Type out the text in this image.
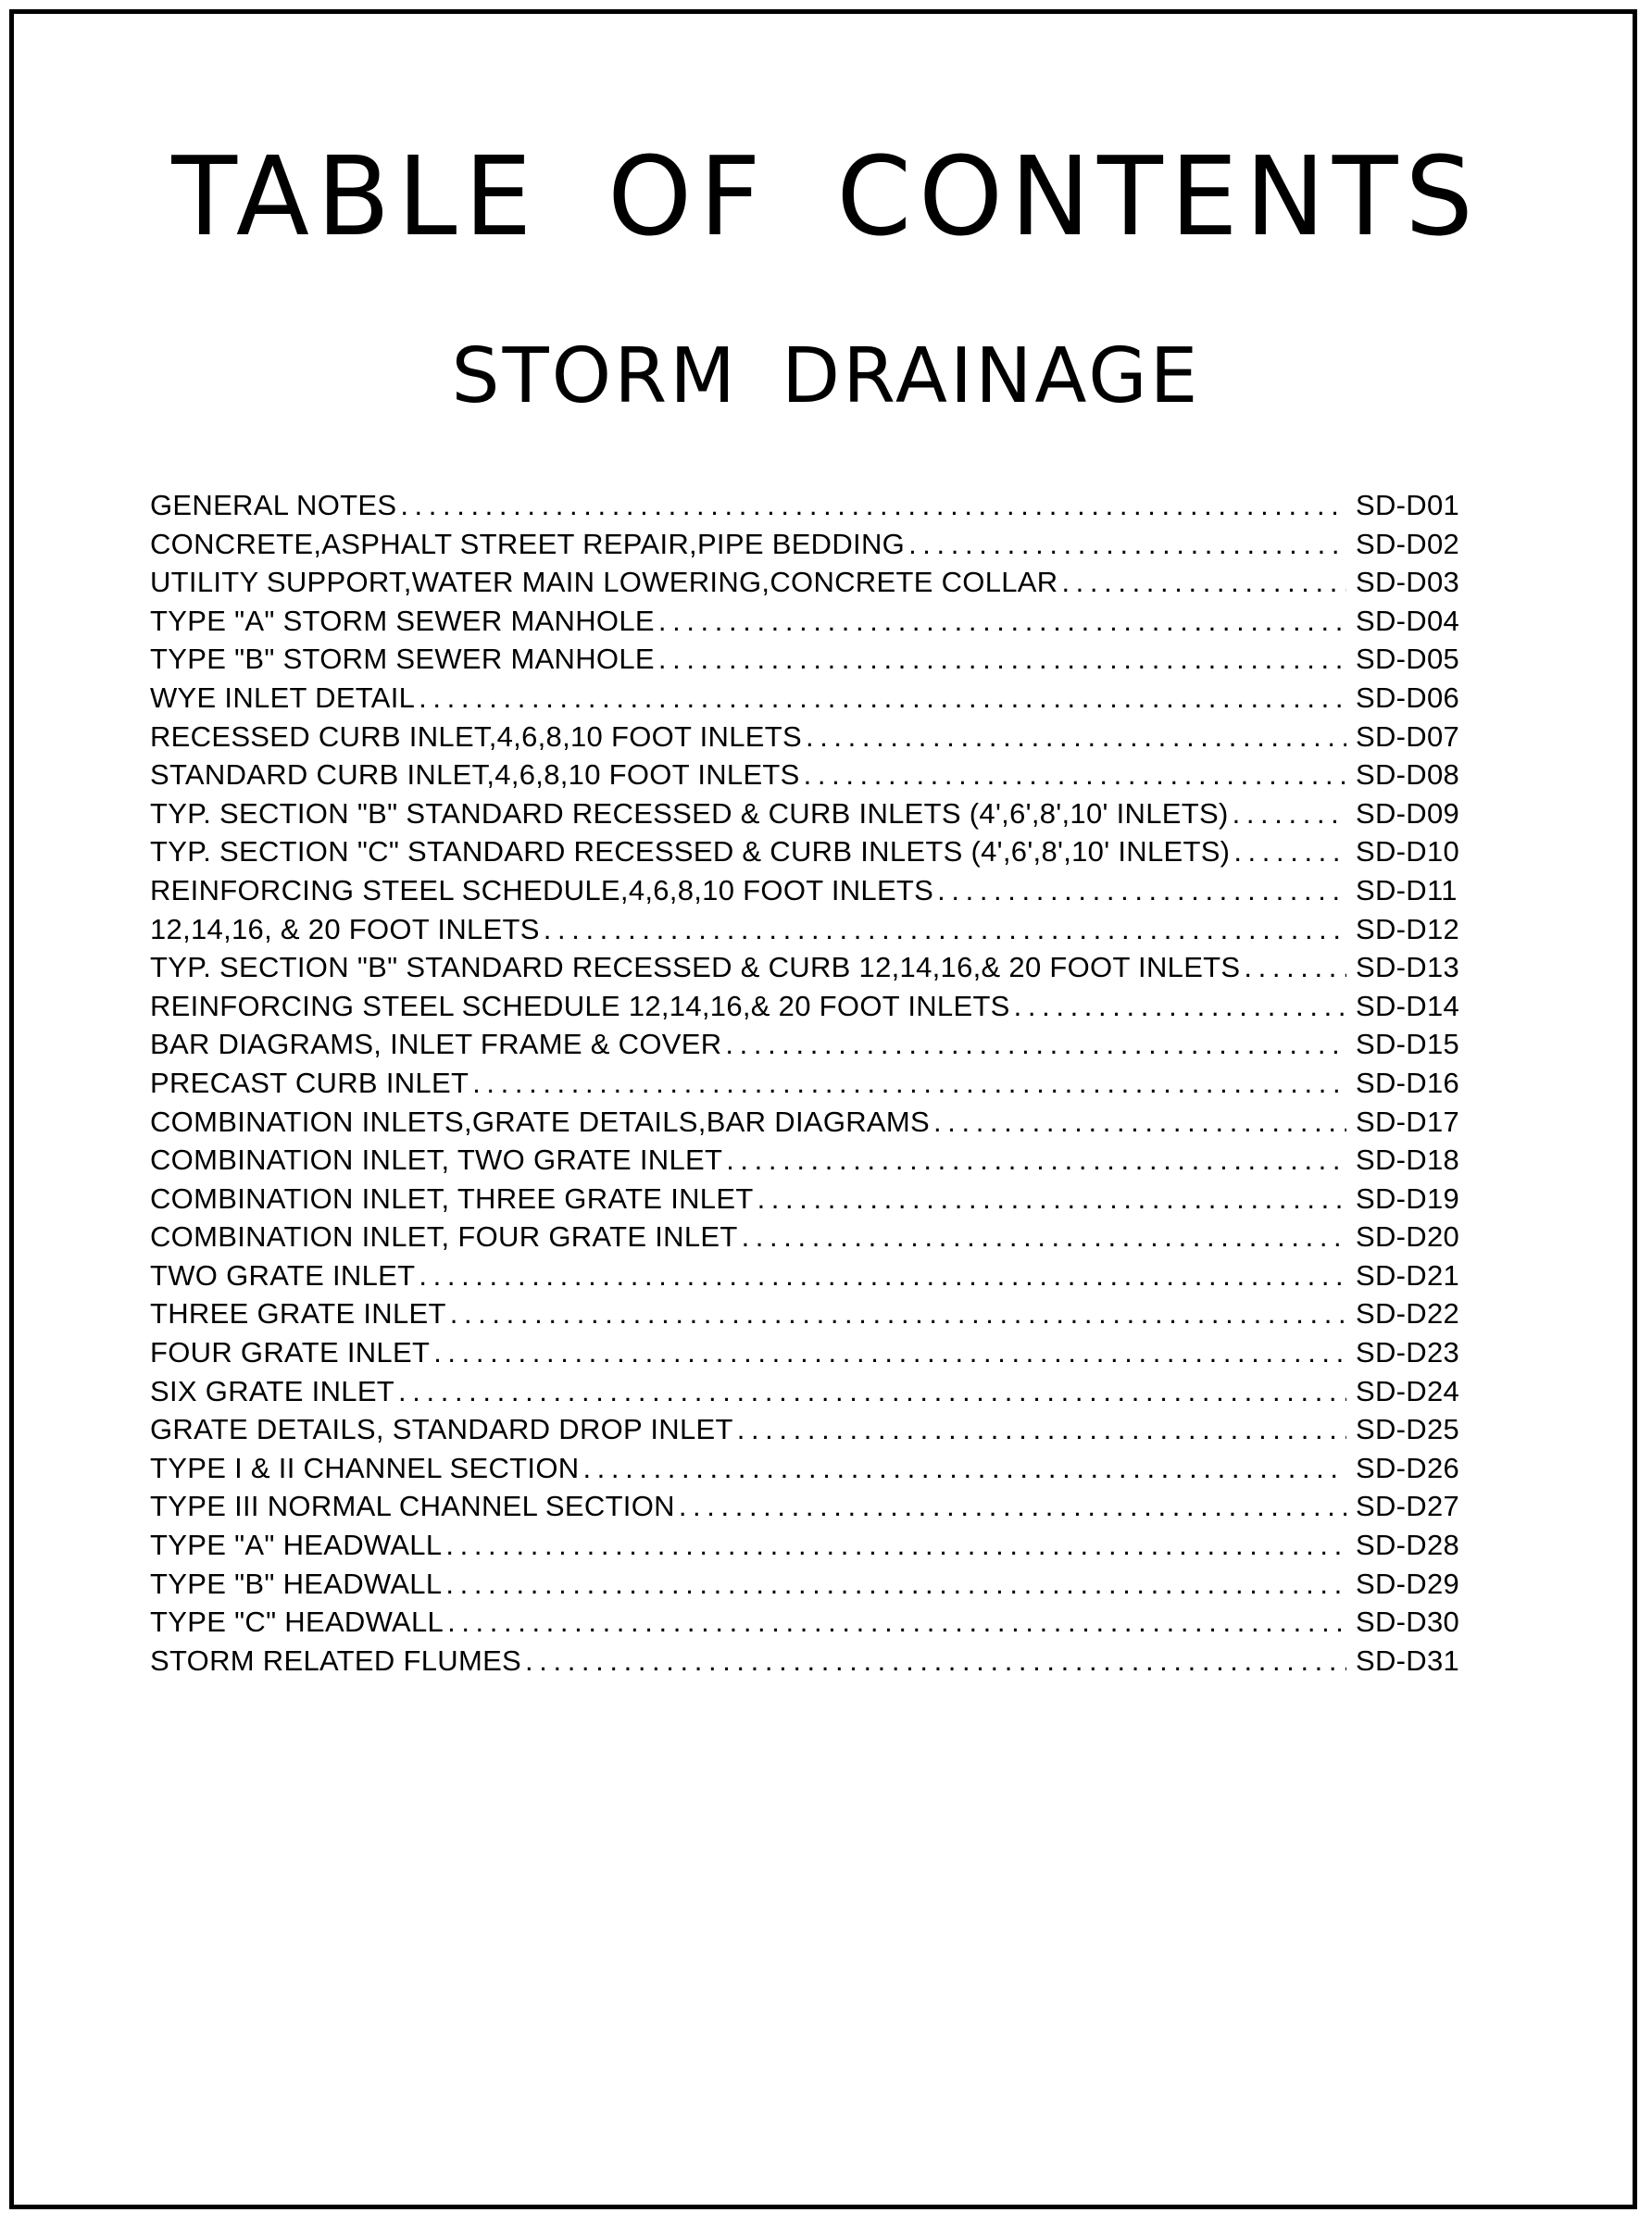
TABLE OF CONTENTS
STORM DRAINAGE
GENERAL NOTES . . .	SD-D01
CONCRETE,ASPHALT STREET REPAIR,PIPE BEDDING . . .	SD-D02
UTILITY SUPPORT,WATER MAIN LOWERING,CONCRETE COLLAR . . .	SD-D03
TYPE "A" STORM SEWER MANHOLE . . .	SD-D04
TYPE "B" STORM SEWER MANHOLE . . .	SD-D05
WYE INLET DETAIL . . .	SD-D06
RECESSED CURB INLET,4,6,8,10 FOOT INLETS . . .	SD-D07
STANDARD CURB INLET,4,6,8,10 FOOT INLETS . . .	SD-D08
TYP. SECTION "B" STANDARD RECESSED & CURB INLETS (4',6',8',10' INLETS) . . .	SD-D09
TYP. SECTION "C" STANDARD RECESSED & CURB INLETS (4',6',8',10' INLETS) . . .	SD-D10
REINFORCING STEEL SCHEDULE,4,6,8,10 FOOT INLETS . . .	SD-D11
12,14,16, & 20 FOOT INLETS . . .	SD-D12
TYP. SECTION "B" STANDARD RECESSED & CURB 12,14,16,& 20 FOOT INLETS . . .	SD-D13
REINFORCING STEEL SCHEDULE 12,14,16,& 20 FOOT INLETS . . .	SD-D14
BAR DIAGRAMS, INLET FRAME & COVER . . .	SD-D15
PRECAST CURB INLET . . .	SD-D16
COMBINATION INLETS,GRATE DETAILS,BAR DIAGRAMS . . .	SD-D17
COMBINATION INLET, TWO GRATE INLET . . .	SD-D18
COMBINATION INLET, THREE GRATE INLET . . .	SD-D19
COMBINATION INLET, FOUR GRATE INLET . . .	SD-D20
TWO GRATE INLET . . .	SD-D21
THREE GRATE INLET . . .	SD-D22
FOUR GRATE INLET . . .	SD-D23
SIX GRATE INLET . . .	SD-D24
GRATE DETAILS, STANDARD DROP INLET . . .	SD-D25
TYPE I & II CHANNEL SECTION . . .	SD-D26
TYPE III NORMAL CHANNEL SECTION . . .	SD-D27
TYPE "A" HEADWALL . . .	SD-D28
TYPE "B" HEADWALL . . .	SD-D29
TYPE "C" HEADWALL . . .	SD-D30
STORM RELATED FLUMES . . .	SD-D31
